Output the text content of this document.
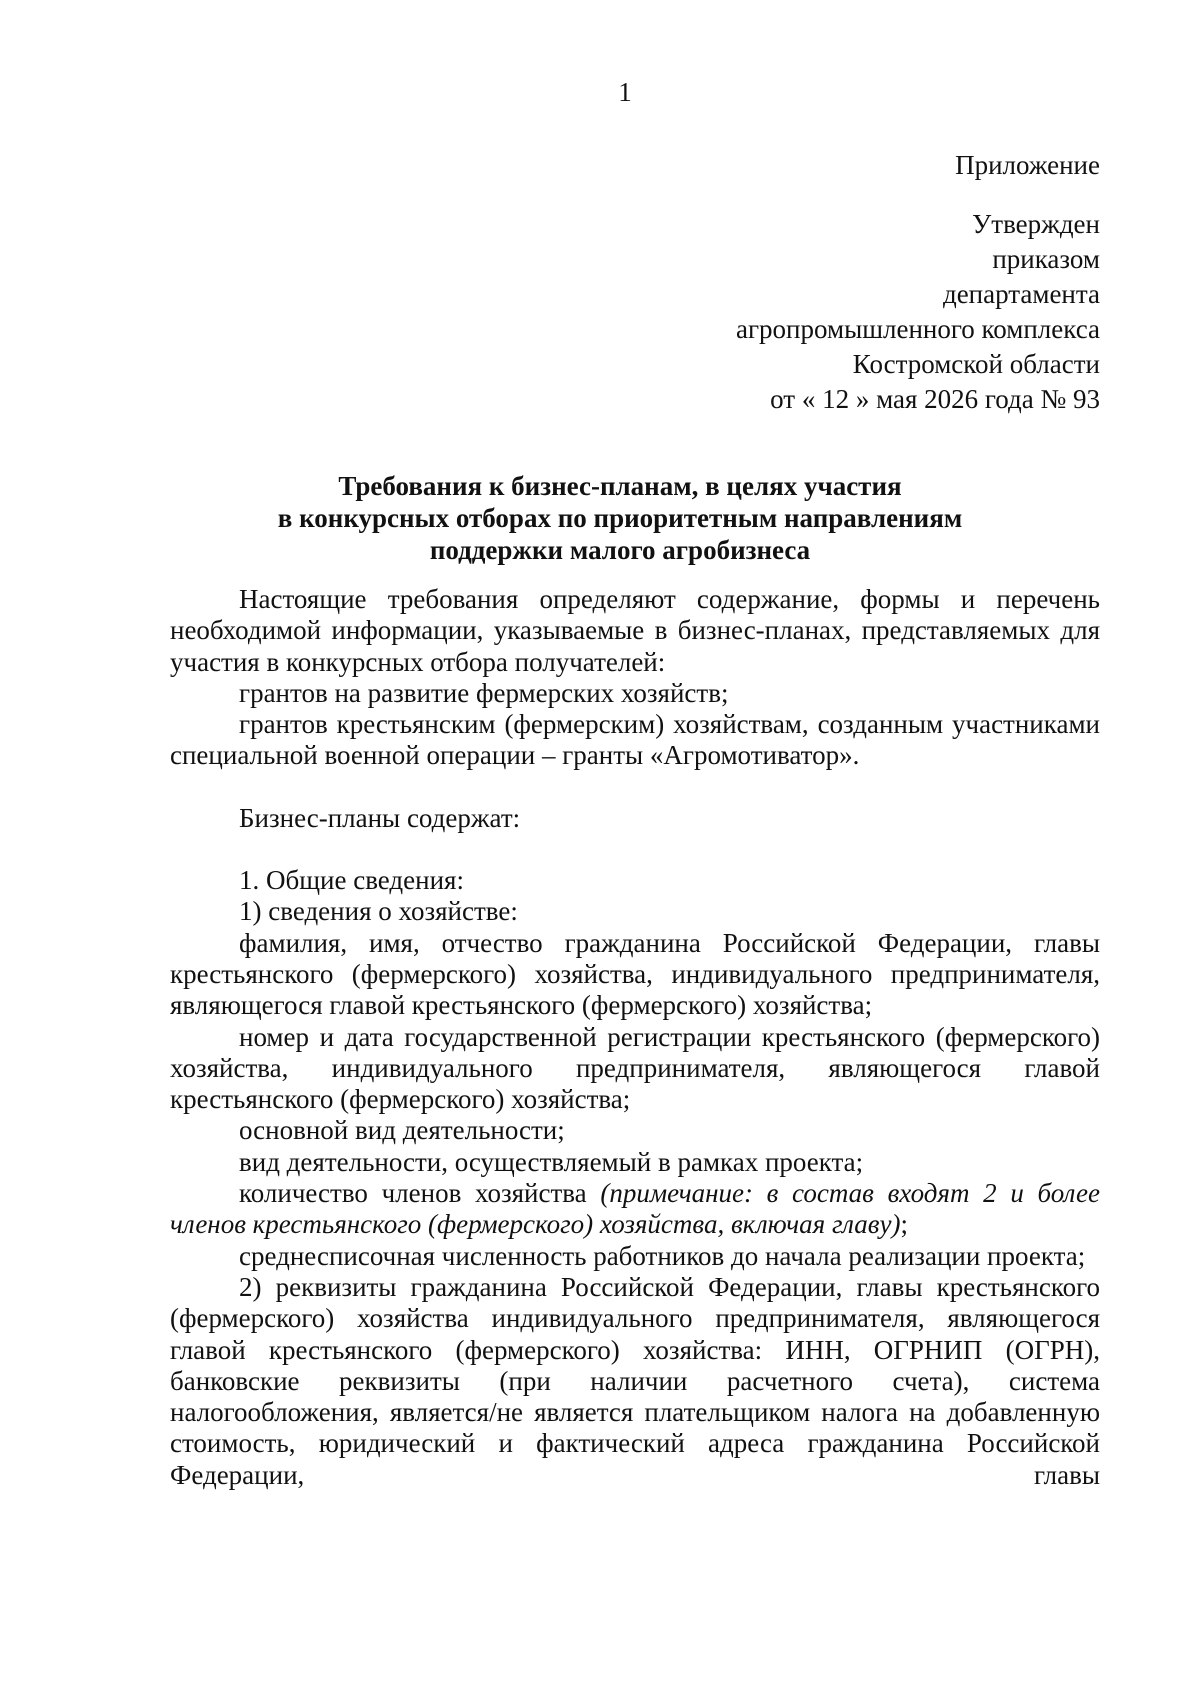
1
Приложение
Утвержден
приказом
департамента
агропромышленного комплекса
Костромской области
от « 12 » мая 2026 года № 93
Требования к бизнес-планам, в целях участия
в конкурсных отборах по приоритетным направлениям
поддержки малого агробизнеса

Настоящие требования определяют содержание, формы и перечень необходимой информации, указываемые в бизнес-планах, представляемых для участия в конкурсных отбора получателей:

грантов на развитие фермерских хозяйств;

грантов крестьянским (фермерским) хозяйствам, созданным участниками специальной военной операции – гранты «Агромотиватор».

Бизнес-планы содержат:

1. Общие сведения:

1) сведения о хозяйстве:

фамилия, имя, отчество гражданина Российской Федерации, главы крестьянского (фермерского) хозяйства, индивидуального предпринимателя, являющегося главой крестьянского (фермерского) хозяйства;

номер и дата государственной регистрации крестьянского (фермерского) хозяйства, индивидуального предпринимателя, являющегося главой крестьянского (фермерского) хозяйства;

основной вид деятельности;

вид деятельности, осуществляемый в рамках проекта;

количество членов хозяйства (примечание: в состав входят 2 и более членов крестьянского (фермерского) хозяйства, включая главу);

среднесписочная численность работников до начала реализации проекта;

2) реквизиты гражданина Российской Федерации, главы крестьянского (фермерского) хозяйства индивидуального предпринимателя, являющегося главой крестьянского (фермерского) хозяйства: ИНН, ОГРНИП (ОГРН), банковские реквизиты (при наличии расчетного счета), система налогообложения, является/не является плательщиком налога на добавленную стоимость, юридический и фактический адреса гражданина Российской Федерации, главы
